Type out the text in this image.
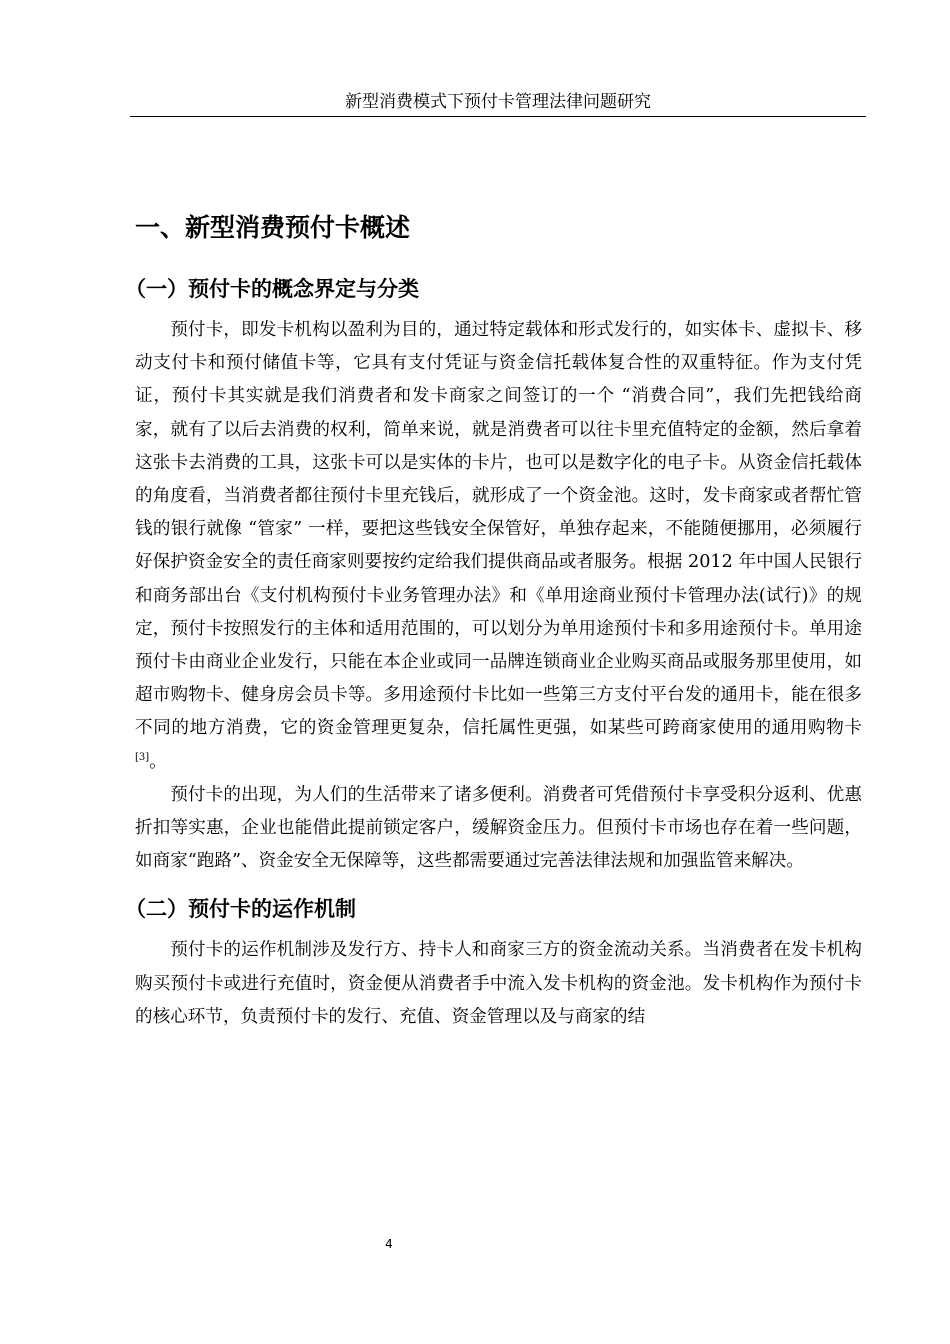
新型消费模式下预付卡管理法律问题研究
一、新型消费预付卡概述
（一）预付卡的概念界定与分类

预付卡，即发卡机构以盈利为目的，通过特定载体和形式发行的，如实体卡、虚拟卡、移动支付卡和预付储值卡等，它具有支付凭证与资金信托载体复合性的双重特征。作为支付凭证，预付卡其实就是我们消费者和发卡商家之间签订的一个 “消费合同”，我们先把钱给商家，就有了以后去消费的权利，简单来说，就是消费者可以往卡里充值特定的金额，然后拿着这张卡去消费的工具，这张卡可以是实体的卡片，也可以是数字化的电子卡。从资金信托载体的角度看，当消费者都往预付卡里充钱后，就形成了一个资金池。这时，发卡商家或者帮忙管钱的银行就像 “管家” 一样，要把这些钱安全保管好，单独存起来，不能随便挪用，必须履行好保护资金安全的责任商家则要按约定给我们提供商品或者服务。根据 2012 年中国人民银行和商务部出台《支付机构预付卡业务管理办法》和《单用途商业预付卡管理办法(试行)》的规定，预付卡按照发行的主体和适用范围的，可以划分为单用途预付卡和多用途预付卡。单用途预付卡由商业企业发行，只能在本企业或同一品牌连锁商业企业购买商品或服务那里使用，如超市购物卡、健身房会员卡等。多用途预付卡比如一些第三方支付平台发的通用卡，能在很多不同的地方消费，它的资金管理更复杂，信托属性更强，如某些可跨商家使用的通用购物卡[3]。

预付卡的出现，为人们的生活带来了诸多便利。消费者可凭借预付卡享受积分返利、优惠折扣等实惠，企业也能借此提前锁定客户，缓解资金压力。但预付卡市场也存在着一些问题，如商家“跑路”、资金安全无保障等，这些都需要通过完善法律法规和加强监管来解决。

（二）预付卡的运作机制

预付卡的运作机制涉及发行方、持卡人和商家三方的资金流动关系。当消费者在发卡机构购买预付卡或进行充值时，资金便从消费者手中流入发卡机构的资金池。发卡机构作为预付卡的核心环节，负责预付卡的发行、充值、资金管理以及与商家的结

4
